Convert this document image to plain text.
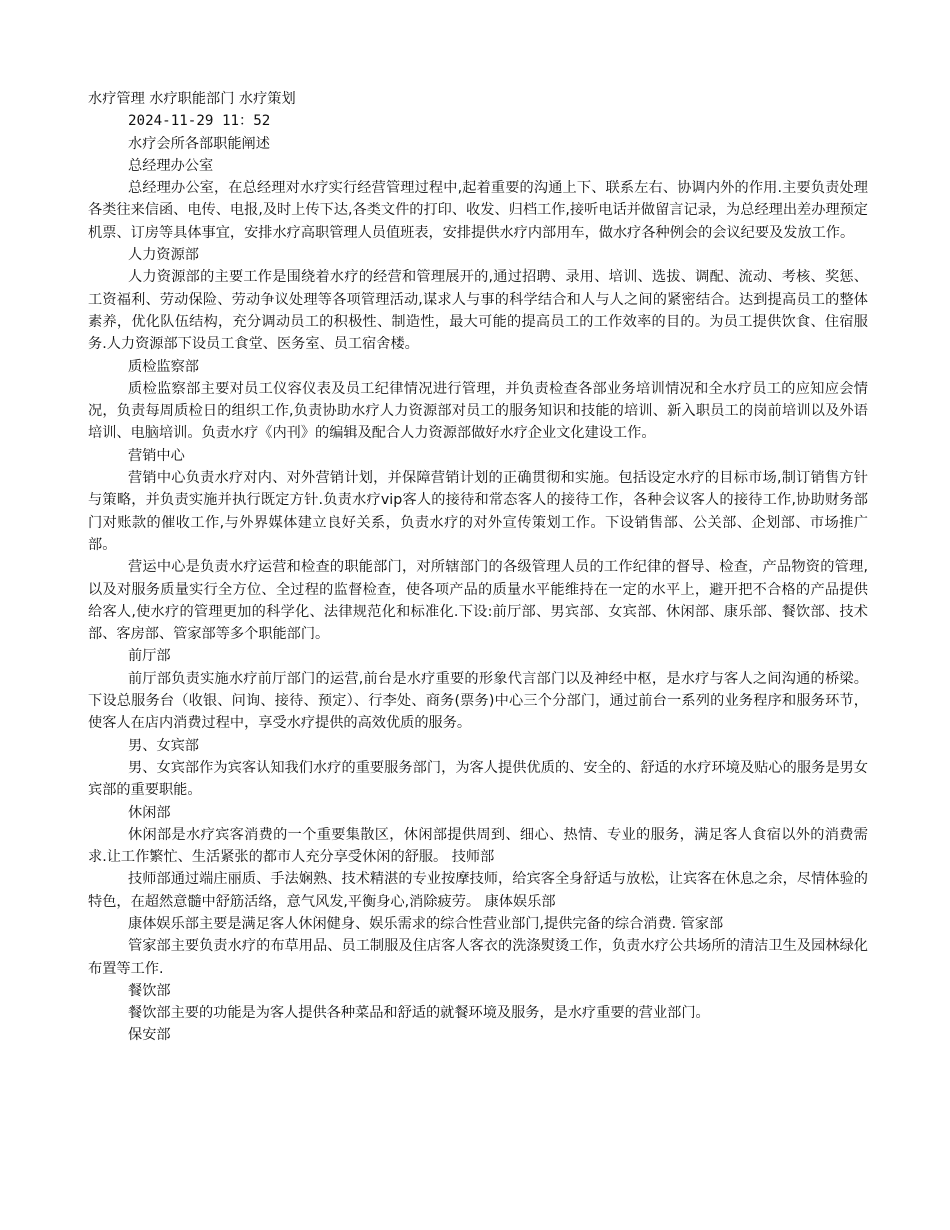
水疗管理 水疗职能部门 水疗策划
2024-11-29 11：52
水疗会所各部职能阐述
总经理办公室
总经理办公室，在总经理对水疗实行经营管理过程中,起着重要的沟通上下、联系左右、协调内外的作用.主要负责处理各类往来信函、电传、电报,及时上传下达,各类文件的打印、收发、归档工作,接听电话并做留言记录，为总经理出差办理预定机票、订房等具体事宜，安排水疗高职管理人员值班表，安排提供水疗内部用车，做水疗各种例会的会议纪要及发放工作。
人力资源部
人力资源部的主要工作是围绕着水疗的经营和管理展开的,通过招聘、录用、培训、选拔、调配、流动、考核、奖惩、工资福利、劳动保险、劳动争议处理等各项管理活动,谋求人与事的科学结合和人与人之间的紧密结合。达到提高员工的整体素养，优化队伍结构，充分调动员工的积极性、制造性，最大可能的提高员工的工作效率的目的。为员工提供饮食、住宿服务.人力资源部下设员工食堂、医务室、员工宿舍楼。
质检监察部
质检监察部主要对员工仪容仪表及员工纪律情况进行管理，并负责检查各部业务培训情况和全水疗员工的应知应会情况，负责每周质检日的组织工作,负责协助水疗人力资源部对员工的服务知识和技能的培训、新入职员工的岗前培训以及外语培训、电脑培训。负责水疗《内刊》的编辑及配合人力资源部做好水疗企业文化建设工作。
营销中心
营销中心负责水疗对内、对外营销计划，并保障营销计划的正确贯彻和实施。包括设定水疗的目标市场,制订销售方针与策略，并负责实施并执行既定方针.负责水疗vip客人的接待和常态客人的接待工作，各种会议客人的接待工作,协助财务部门对账款的催收工作,与外界媒体建立良好关系，负责水疗的对外宣传策划工作。下设销售部、公关部、企划部、市场推广部。
营运中心是负责水疗运营和检查的职能部门，对所辖部门的各级管理人员的工作纪律的督导、检查，产品物资的管理,以及对服务质量实行全方位、全过程的监督检查，使各项产品的质量水平能维持在一定的水平上，避开把不合格的产品提供给客人,使水疗的管理更加的科学化、法律规范化和标准化.下设:前厅部、男宾部、女宾部、休闲部、康乐部、餐饮部、技术部、客房部、管家部等多个职能部门。
前厅部
前厅部负责实施水疗前厅部门的运营,前台是水疗重要的形象代言部门以及神经中枢，是水疗与客人之间沟通的桥梁。下设总服务台（收银、问询、接待、预定）、行李处、商务(票务)中心三个分部门，通过前台一系列的业务程序和服务环节，使客人在店内消费过程中，享受水疗提供的高效优质的服务。
男、女宾部
男、女宾部作为宾客认知我们水疗的重要服务部门，为客人提供优质的、安全的、舒适的水疗环境及贴心的服务是男女宾部的重要职能。
休闲部
休闲部是水疗宾客消费的一个重要集散区，休闲部提供周到、细心、热情、专业的服务，满足客人食宿以外的消费需求.让工作繁忙、生活紧张的都市人充分享受休闲的舒服。 技师部
技师部通过端庄丽质、手法娴熟、技术精湛的专业按摩技师，给宾客全身舒适与放松，让宾客在休息之余，尽情体验的特色，在超然意髓中舒筋活络，意气风发,平衡身心,消除疲劳。 康体娱乐部
康体娱乐部主要是满足客人休闲健身、娱乐需求的综合性营业部门,提供完备的综合消费. 管家部
管家部主要负责水疗的布草用品、员工制服及住店客人客衣的洗涤熨烫工作，负责水疗公共场所的清洁卫生及园林绿化布置等工作.
餐饮部
餐饮部主要的功能是为客人提供各种菜品和舒适的就餐环境及服务，是水疗重要的营业部门。
保安部
